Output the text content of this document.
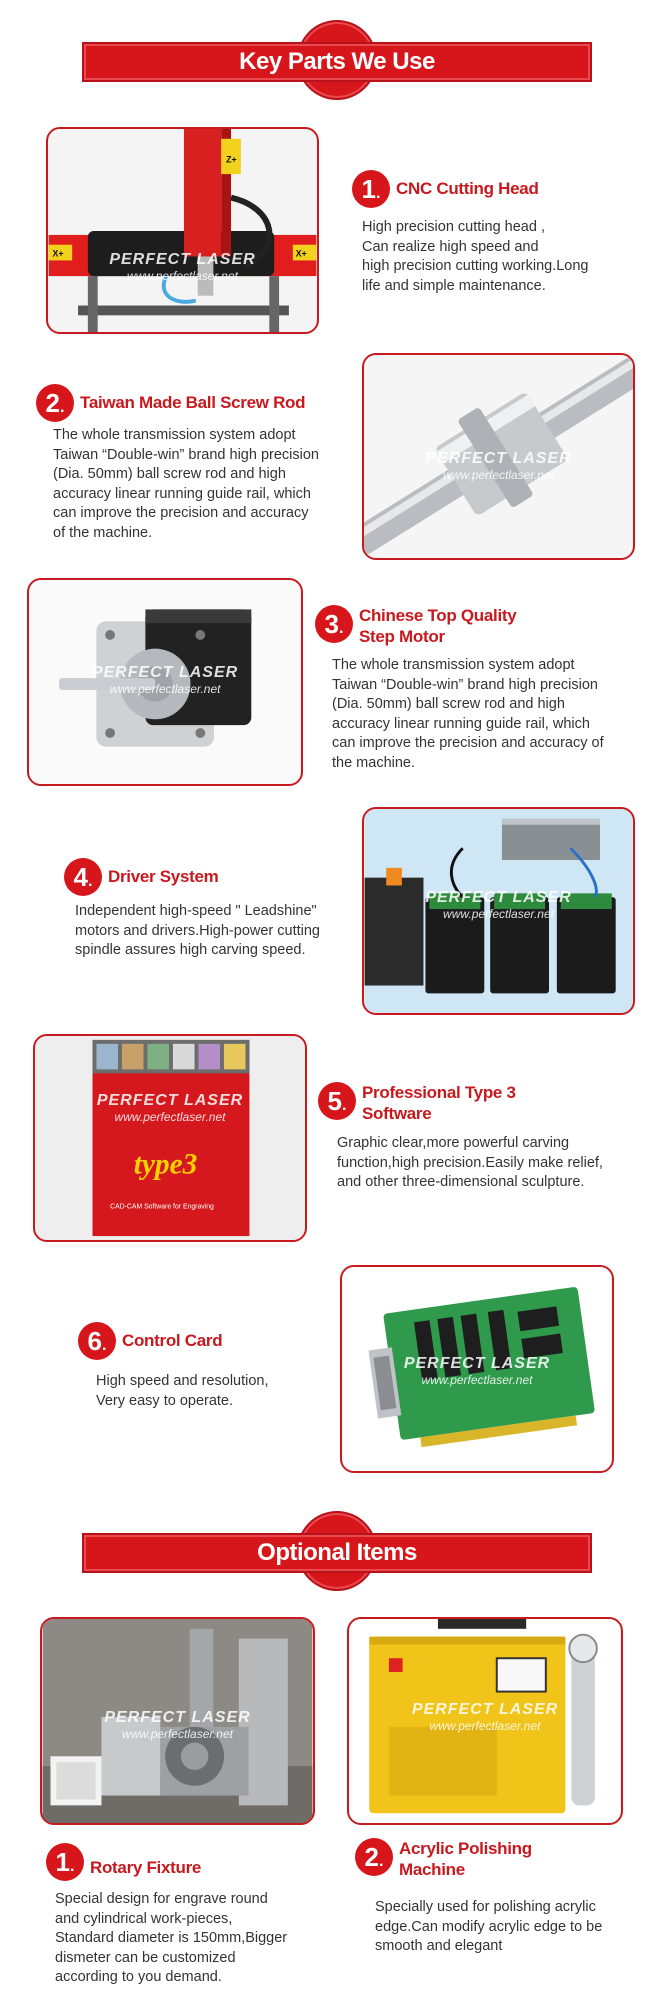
Key Parts We Use
Z+
X+	X+
PERFECT LASER
www.perfectlaser.net
1. CNC Cutting Head
High precision cutting head ,
Can realize high speed and
high precision cutting working.Long
life and simple maintenance.
2. Taiwan Made Ball Screw Rod
The whole transmission system adopt
Taiwan “Double-win” brand high precision
(Dia. 50mm) ball screw rod and high
accuracy linear running guide rail, which
can improve the precision and accuracy
of the machine.
PERFECT LASER
www.perfectlaser.net
PERFECT LASER
www.perfectlaser.net
3.
Chinese Top Quality
Step Motor
The whole transmission system adopt
Taiwan “Double-win” brand high precision
(Dia. 50mm) ball screw rod and high
accuracy linear running guide rail, which
can improve the precision and accuracy of
the machine.
4. Driver System
Independent high-speed " Leadshine"
motors and drivers.High-power cutting
spindle assures high carving speed.
PERFECT LASER
www.perfectlaser.net
type3
CAD-CAM Software for Engraving
PERFECT LASER
www.perfectlaser.net
5.
Professional Type 3
Software
Graphic clear,more powerful carving
function,high precision.Easily make relief,
and other three-dimensional sculpture.
6. Control Card
High speed and resolution,
Very easy to operate.
PERFECT LASER
www.perfectlaser.net
Optional Items
PERFECT LASER
www.perfectlaser.net
1. Rotary Fixture
Special design for engrave round
and cylindrical work-pieces,
Standard diameter is 150mm,Bigger
dismeter can be customized
according to you demand.
PERFECT LASER
www.perfectlaser.net
2.
Acrylic Polishing
Machine
Specially used for polishing acrylic
edge.Can modify acrylic edge to be
smooth and elegant
